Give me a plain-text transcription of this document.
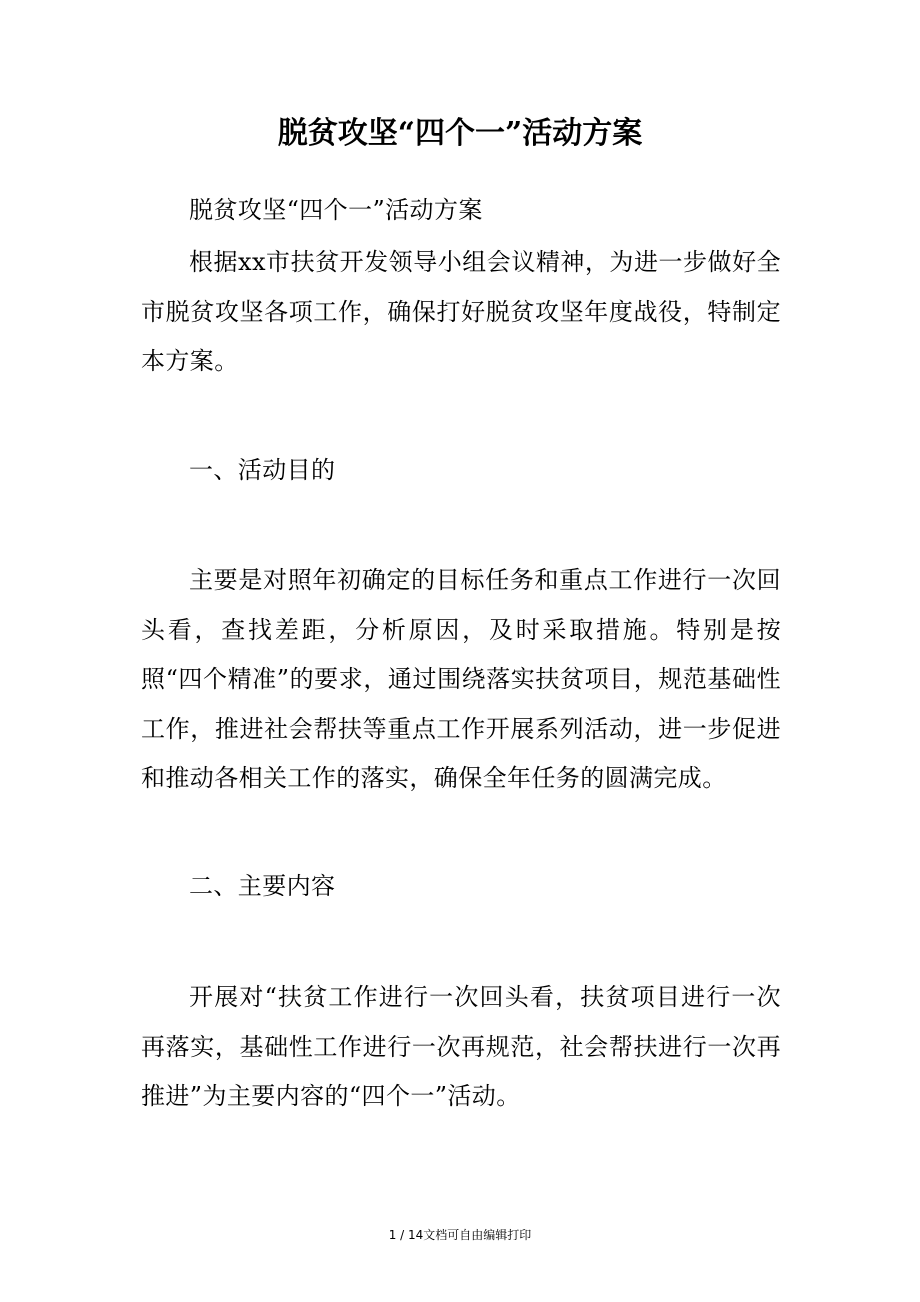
脱贫攻坚“四个一”活动方案

脱贫攻坚“四个一”活动方案

根据xx市扶贫开发领导小组会议精神，为进一步做好全市脱贫攻坚各项工作，确保打好脱贫攻坚年度战役，特制定本方案。

一、活动目的

主要是对照年初确定的目标任务和重点工作进行一次回头看，查找差距，分析原因，及时采取措施。特别是按照“四个精准”的要求，通过围绕落实扶贫项目，规范基础性工作，推进社会帮扶等重点工作开展系列活动，进一步促进和推动各相关工作的落实，确保全年任务的圆满完成。

二、主要内容

开展对“扶贫工作进行一次回头看，扶贫项目进行一次再落实，基础性工作进行一次再规范，社会帮扶进行一次再推进”为主要内容的“四个一”活动。

1 / 14文档可自由编辑打印
